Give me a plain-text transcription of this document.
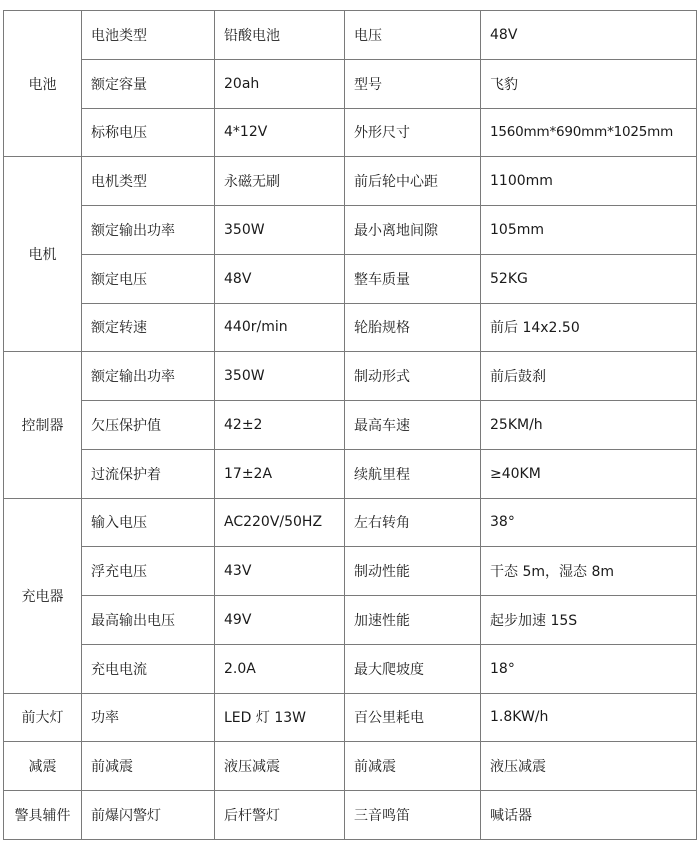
电池	电池类型	铅酸电池	电压	48V
	额定容量	20ah	型号	飞豹
	标称电压	4*12V	外形尺寸	1560mm*690mm*1025mm
电机	电机类型	永磁无刷	前后轮中心距	1100mm
	额定输出功率	350W	最小离地间隙	105mm
	额定电压	48V	整车质量	52KG
	额定转速	440r/min	轮胎规格	前后 14x2.50
控制器	额定输出功率	350W	制动形式	前后鼓刹
	欠压保护值	42±2	最高车速	25KM/h
	过流保护着	17±2A	续航里程	≥40KM
充电器	输入电压	AC220V/50HZ	左右转角	38°
	浮充电压	43V	制动性能	干态 5m，湿态 8m
	最高输出电压	49V	加速性能	起步加速 15S
	充电电流	2.0A	最大爬坡度	18°
前大灯	功率	LED 灯 13W	百公里耗电	1.8KW/h
减震	前减震	液压减震	前减震	液压减震
警具辅件	前爆闪警灯	后杆警灯	三音鸣笛	喊话器
